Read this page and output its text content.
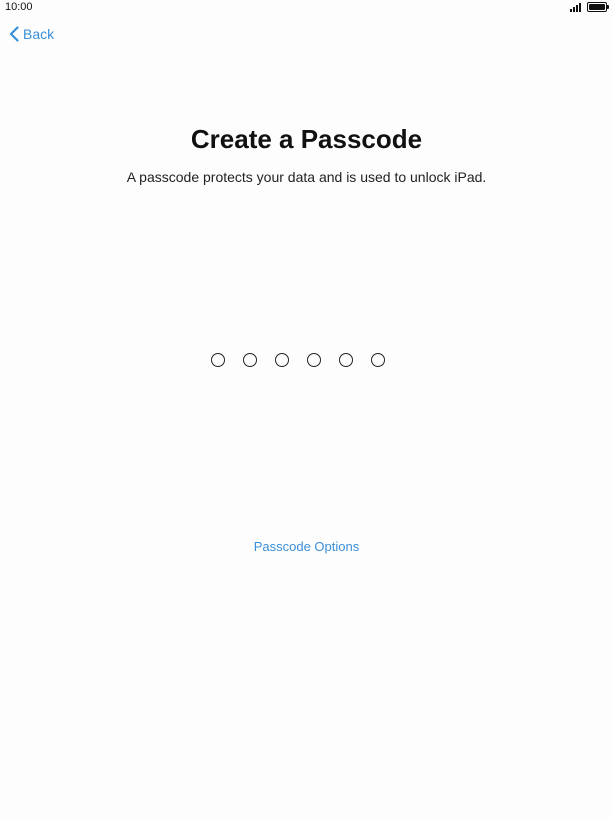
10:00
Back
Create a Passcode

A passcode protects your data and is used to unlock iPad.

Passcode Options
